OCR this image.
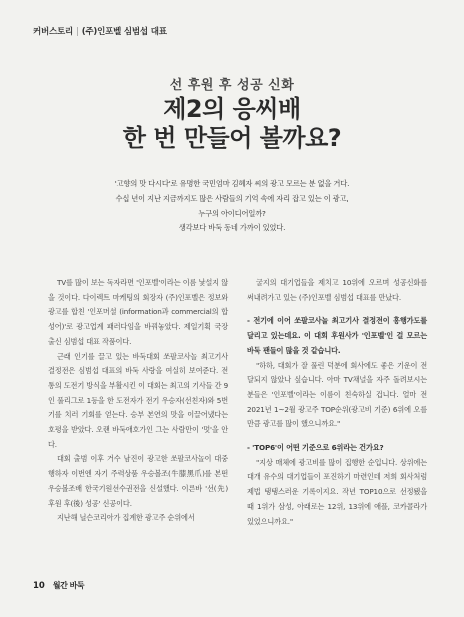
커버스토리 | (주)인포벨 심범섭 대표
선 후원 후 성공 신화
제2의 응씨배
한 번 만들어 볼까요?
'고향의 맛 다시다'로 유명한 국민엄마 김혜자 씨의 광고 모르는 분 없을 거다.
수십 년이 지난 지금까지도 많은 사람들의 기억 속에 자리 잡고 있는 이 광고,
누구의 아이디어일까?
생각보다 바둑 동네 가까이 있었다.

TV를 많이 보는 독자라면 '인포벨'이라는 이름 낯설지 않을 것이다. 다이렉트 마케팅의 회장자 (주)인포벨은 정보와 광고를 합친 '인포머셜 (information과 commercial의 합성어)'로 광고업계 패러다임을 바꿔놓았다. 제일기획 국장 출신 심범섭 대표 작품이다.

근래 인기를 끌고 있는 바둑대회 쏘팔코사놀 최고기사 결정전은 심범섭 대표의 바둑 사랑을 여실히 보여준다. 전통의 도전기 방식을 부활시킨 이 대회는 최고의 기사들 간 9인 풀리그로 1등을 한 도전자가 전기 우승자(선친자)와 5번기를 치러 기회를 얻는다. 승부 본연의 맛을 이끌어냈다는 호평을 받았다. 오랜 바둑애호가인 그는 사람만이 '멋'을 안다.

대회 출범 이후 거수 남진이 광고한 쏘팔코사놀이 대중행하자 이번엔 자기 주력상품 우승볼조(牛膝黑爪)를 본떤 우승볼조배 한국기원선수권전을 신설했다. 이른바 '선(先) 후원 후(後) 성공' 신공이다.

지난해 닐슨코리아가 집계한 광고주 순위에서

굴지의 대기업들을 제치고 10위에 오르며 성공신화를 써내려가고 있는 (주)인포벨 심범섭 대표를 만났다.

- 전기에 이어 쏘팔코사놀 최고기사 결정전이 흥행가도를 달리고 있는데요. 이 대회 후원사가 '인포벨'인 걸 모르는 바둑 팬들이 많을 것 같습니다.

"하하, 대회가 잘 풀린 덕분에 회사에도 좋은 기운이 전달되지 않았나 싶습니다. 아마 TV채널을 자주 돌려보시는 분들은 '인포벨'이라는 이름이 친숙하실 겁니다. 얼마 전 2021년 1~2월 광고주 TOP순위(광고비 기준) 6위에 오를 만큼 광고를 많이 했으니까요."

- 'TOP6'이 어떤 기준으로 6위라는 건가요?

"지상 매체에 광고비를 많이 집행한 순입니다. 상위에는 대개 유수의 대기업들이 포진하기 마련인데 저희 회사처럼 제법 탱탱스러운 기록이지요. 작년 TOP10으로 선정됐을 때 1위가 삼성, 아래로는 12위, 13위에 애플, 코카콜라가 있었으니까요."

10 월간 바둑
